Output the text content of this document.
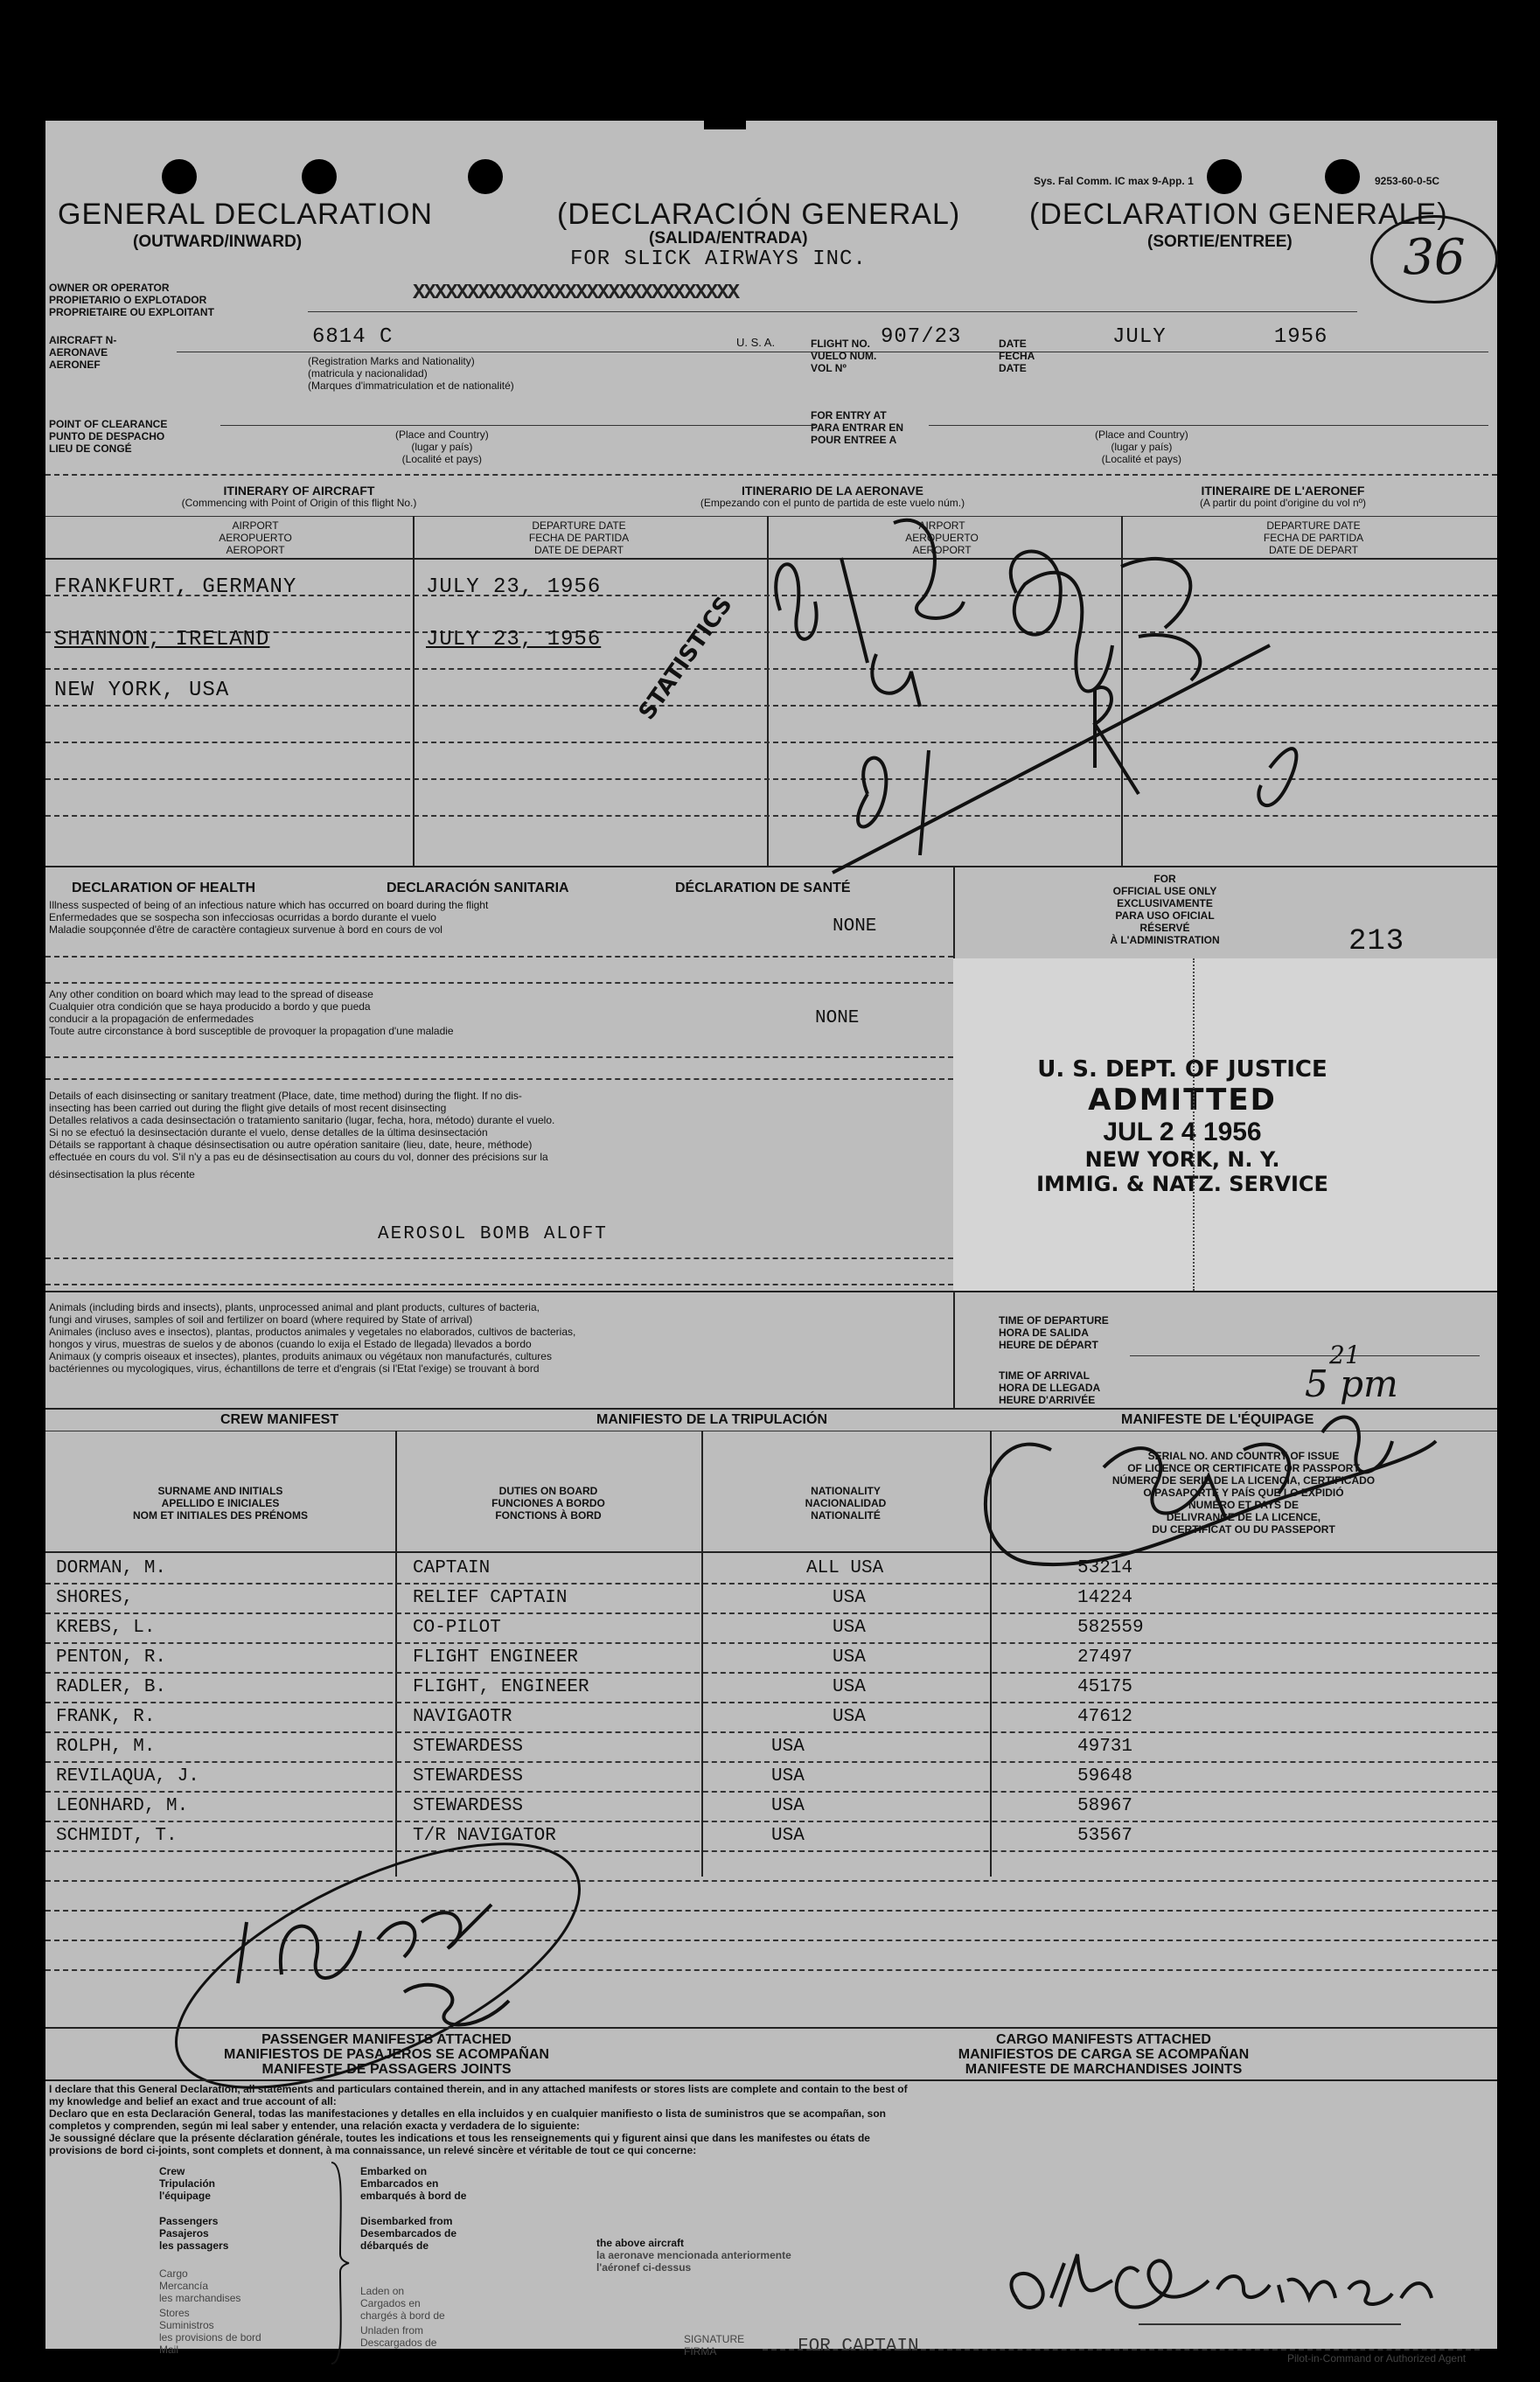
Sys. Fal Comm. IC max 9-App. 1	9253-60-0-5C
GENERAL DECLARATION	(DECLARACIÓN GENERAL) (DECLARATION GENERALE)
(OUTWARD/INWARD)	(SALIDA/ENTRADA)	(SORTIE/ENTREE)
FOR SLICK AIRWAYS INC.	36
OWNER OR OPERATOR
PROPIETARIO O EXPLOTADOR
PROPRIETAIRE OU EXPLOITANT
XXXXXXXXXXXXXXXXXXXXXXXXXXXXXX
AIRCRAFT N-
AERONAVE
AERONEF
6814 C	U. S. A.	FLIGHT NO.
VUELO NUM.
VOL Nº
907/23	DATE
FECHA
DATE
JULY        1956
(Registration Marks and Nationality)
(matricula y nacionalidad)
(Marques d'immatriculation et de nationalité)
POINT OF CLEARANCE
PUNTO DE DESPACHO
LIEU DE CONGÉ
(Place and Country)
(lugar y país)
(Localité et pays)
FOR ENTRY AT
PARA ENTRAR EN
POUR ENTREE A	(Place and Country)
(lugar y país)
(Localité et pays)
ITINERARY OF AIRCRAFT
(Commencing with Point of Origin of this flight No.)
ITINERARIO DE LA AERONAVE
(Empezando con el punto de partida de este vuelo núm.)
ITINERAIRE DE L'AERONEF
(A partir du point d'origine du vol nº)
AIRPORT
AEROPUERTO
AEROPORT
DEPARTURE DATE
FECHA DE PARTIDA
DATE DE DEPART
AIRPORT
AEROPUERTO
AEROPORT
DEPARTURE DATE
FECHA DE PARTIDA
DATE DE DEPART
FRANKFURT, GERMANY	JULY 23, 1956
SHANNON, IRELAND	JULY 23, 1956
NEW YORK, USA	STATISTICS
DECLARATION OF HEALTH	DECLARACIÓN SANITARIA	DÉCLARATION DE SANTÉ
Illness suspected of being of an infectious nature which has occurred on board during the flight
Enfermedades que se sospecha son infecciosas ocurridas a bordo durante el vuelo
Maladie soupçonnée d'être de caractère contagieux survenue à bord en cours de vol	NONE
Any other condition on board which may lead to the spread of disease
Cualquier otra condición que se haya producido a bordo y que pueda
conducir a la propagación de enfermedades
Toute autre circonstance à bord susceptible de provoquer la propagation d'une maladie
NONE
Details of each disinsecting or sanitary treatment (Place, date, time method) during the flight. If no dis-
insecting has been carried out during the flight give details of most recent disinsecting
Detalles relativos a cada desinsectación o tratamiento sanitario (lugar, fecha, hora, método) durante el vuelo.
Si no se efectuó la desinsectación durante el vuelo, dense detalles de la última desinsectación
Détails se rapportant à chaque désinsectisation ou autre opération sanitaire (lieu, date, heure, méthode)
effectuée en cours du vol. S'il n'y a pas eu de désinsectisation au cours du vol, donner des précisions sur la
désinsectisation la plus récente
AEROSOL BOMB ALOFT
FOR
OFFICIAL USE ONLY
EXCLUSIVAMENTE
PARA USO OFICIAL
RÉSERVÉ
À L'ADMINISTRATION	213
U. S. DEPT. OF JUSTICE
ADMITTED
JUL 2 4 1956
NEW YORK, N. Y.
IMMIG. & NATZ. SERVICE
Animals (including birds and insects), plants, unprocessed animal and plant products, cultures of bacteria,
fungi and viruses, samples of soil and fertilizer on board (where required by State of arrival)
Animales (incluso aves e insectos), plantas, productos animales y vegetales no elaborados, cultivos de bacterias,
hongos y virus, muestras de suelos y de abonos (cuando lo exija el Estado de llegada) llevados a bordo
Animaux (y compris oiseaux et insectes), plantes, produits animaux ou végétaux non manufacturés, cultures
bactériennes ou mycologiques, virus, échantillons de terre et d'engrais (si l'Etat l'exige) se trouvant à bord
TIME OF DEPARTURE
HORA DE SALIDA
HEURE DE DÉPART
TIME OF ARRIVAL
HORA DE LLEGADA
HEURE D'ARRIVÉE	5 pm
21
CREW MANIFEST	MANIFIESTO DE LA TRIPULACIÓN	MANIFESTE DE L'ÉQUIPAGE
SURNAME AND INITIALS
APELLIDO E INICIALES
NOM ET INITIALES DES PRÉNOMS
DUTIES ON BOARD
FUNCIONES A BORDO
FONCTIONS À BORD
NATIONALITY
NACIONALIDAD
NATIONALITÉ
SERIAL NO. AND COUNTRY OF ISSUE
OF LICENCE OR CERTIFICATE OR PASSPORT
NÚMERO DE SERIE DE LA LICENCIA, CERTIFICADO
O PASAPORTE Y PAÍS QUE LO EXPIDIÓ
NUMÉRO ET PAYS DE
DÉLIVRANCE DE LA LICENCE,
DU CERTIFICAT OU DU PASSEPORT
DORMAN, M.	CAPTAIN	ALL USA	53214
SHORES,	RELIEF CAPTAIN	USA	14224
KREBS, L.	CO-PILOT	USA	582559
PENTON, R.	FLIGHT ENGINEER	USA	27497
RADLER, B.	FLIGHT, ENGINEER	USA	45175
FRANK, R.	NAVIGAOTR	USA	47612
ROLPH, M.	STEWARDESS	USA	49731
REVILAQUA, J.	STEWARDESS	USA	59648
LEONHARD, M.	STEWARDESS	USA	58967
SCHMIDT, T.	T/R NAVIGATOR	USA	53567
PASSENGER MANIFESTS ATTACHED
MANIFIESTOS DE PASAJEROS SE ACOMPAÑAN
MANIFESTE DE PASSAGERS JOINTS
CARGO MANIFESTS ATTACHED
MANIFIESTOS DE CARGA SE ACOMPAÑAN
MANIFESTE DE MARCHANDISES JOINTS
I declare that this General Declaration, all statements and particulars contained therein, and in any attached manifests or stores lists are complete and contain to the best of
my knowledge and belief an exact and true account of all:
Declaro que en esta Declaración General, todas las manifestaciones y detalles en ella incluidos y en cualquier manifiesto o lista de suministros que se acompañan, son
completos y comprenden, según mi leal saber y entender, una relación exacta y verdadera de lo siguiente:
Je soussigné déclare que la présente déclaration générale, toutes les indications et tous les renseignements qui y figurent ainsi que dans les manifestes ou états de
provisions de bord ci-joints, sont complets et donnent, à ma connaissance, un relevé sincère et véritable de tout ce qui concerne:
Crew
Tripulación
l'équipage
Passengers
Pasajeros
les passagers
Cargo
Mercancía
les marchandises
Stores
Suministros
les provisions de bord
Mail
Embarked on
Embarcados en
embarqués à bord de
Disembarked from
Desembarcados de
débarqués de
Laden on
Cargados en
chargés à bord de
Unladen from
Descargados de
the above aircraft
la aeronave mencionada anteriormente
l'aéronef ci-dessus
SIGNATURE
FIRMA	FOR CAPTAIN
Pilot-in-Command or Authorized Agent
